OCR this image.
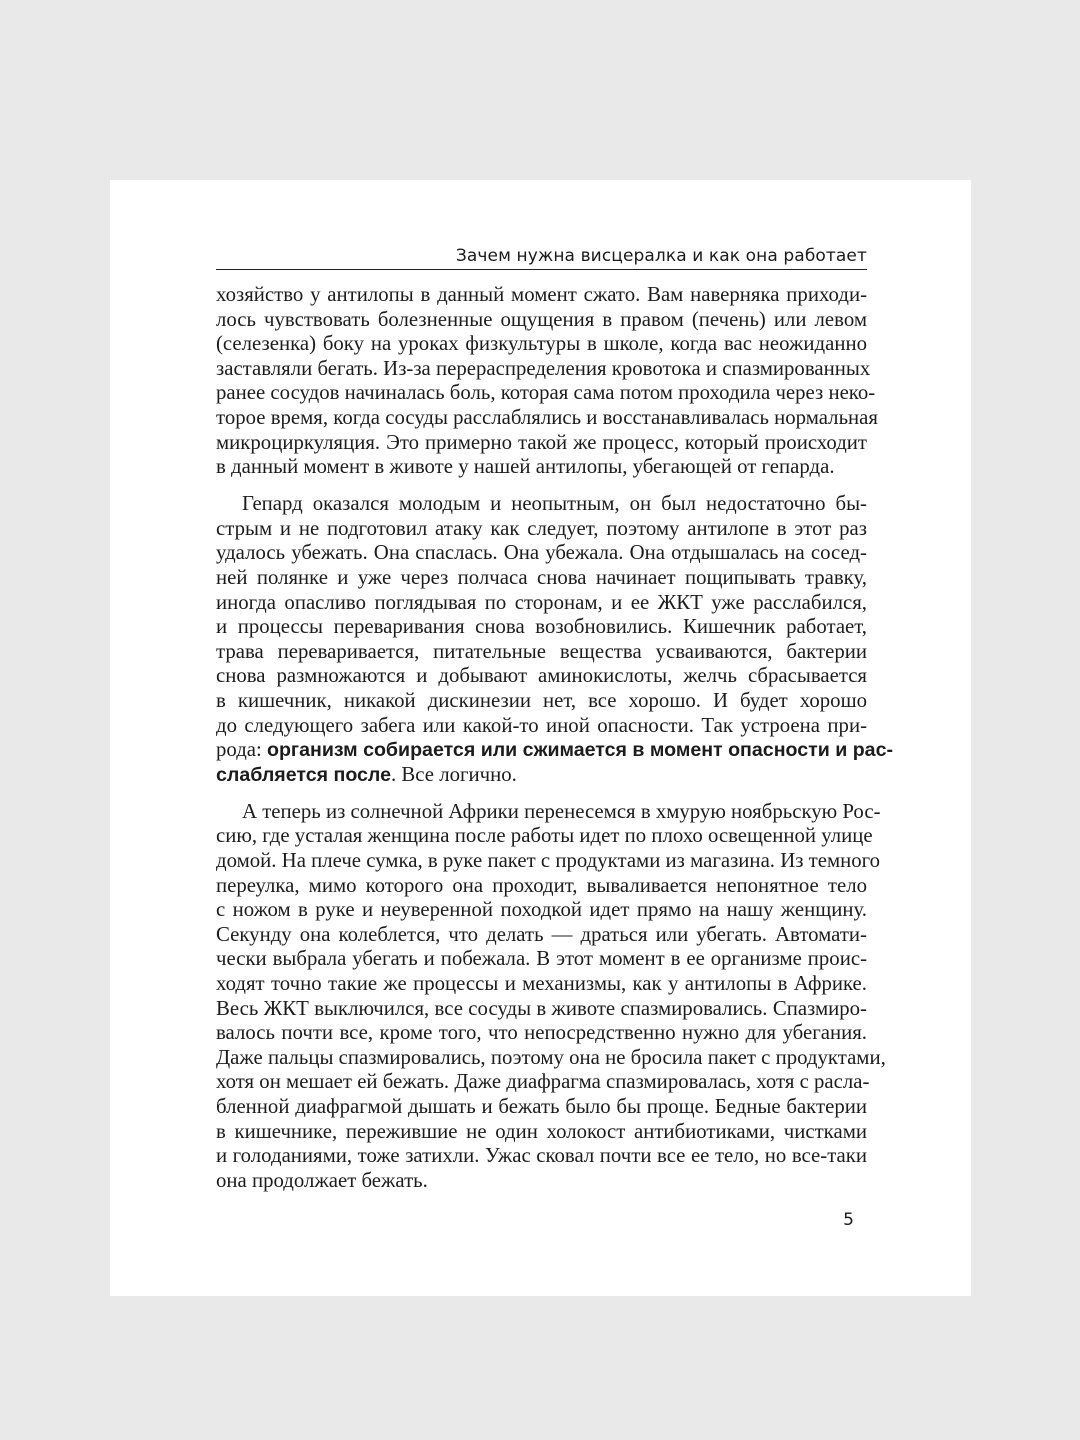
Зачем нужна висцералка и как она работает

хозяйство у антилопы в данный момент сжато. Вам наверняка приходи-
лось чувствовать болезненные ощущения в правом (печень) или левом
(селезенка) боку на уроках физкультуры в школе, когда вас неожиданно
заставляли бегать. Из-за перераспределения кровотока и спазмированных
ранее сосудов начиналась боль, которая сама потом проходила через неко-
торое время, когда сосуды расслаблялись и восстанавливалась нормальная
микроциркуляция. Это примерно такой же процесс, который происходит
в данный момент в животе у нашей антилопы, убегающей от гепарда.

Гепард оказался молодым и неопытным, он был недостаточно бы-
стрым и не подготовил атаку как следует, поэтому антилопе в этот раз
удалось убежать. Она спаслась. Она убежала. Она отдышалась на сосед-
ней полянке и уже через полчаса снова начинает пощипывать травку,
иногда опасливо поглядывая по сторонам, и ее ЖКТ уже расслабился,
и процессы переваривания снова возобновились. Кишечник работает,
трава переваривается, питательные вещества усваиваются, бактерии
снова размножаются и добывают аминокислоты, желчь сбрасывается
в кишечник, никакой дискинезии нет, все хорошо. И будет хорошо
до следующего забега или какой-то иной опасности. Так устроена при-
рода: организм собирается или сжимается в момент опасности и рас-
слабляется после. Все логично.

А теперь из солнечной Африки перенесемся в хмурую ноябрьскую Рос-
сию, где усталая женщина после работы идет по плохо освещенной улице
домой. На плече сумка, в руке пакет с продуктами из магазина. Из темного
переулка, мимо которого она проходит, вываливается непонятное тело
с ножом в руке и неуверенной походкой идет прямо на нашу женщину.
Секунду она колеблется, что делать — драться или убегать. Автомати-
чески выбрала убегать и побежала. В этот момент в ее организме проис-
ходят точно такие же процессы и механизмы, как у антилопы в Африке.
Весь ЖКТ выключился, все сосуды в животе спазмировались. Спазмиро-
валось почти все, кроме того, что непосредственно нужно для убегания.
Даже пальцы спазмировались, поэтому она не бросила пакет с продуктами,
хотя он мешает ей бежать. Даже диафрагма спазмировалась, хотя с расла-
бленной диафрагмой дышать и бежать было бы проще. Бедные бактерии
в кишечнике, пережившие не один холокост антибиотиками, чистками
и голоданиями, тоже затихли. Ужас сковал почти все ее тело, но все-таки
она продолжает бежать.

5
